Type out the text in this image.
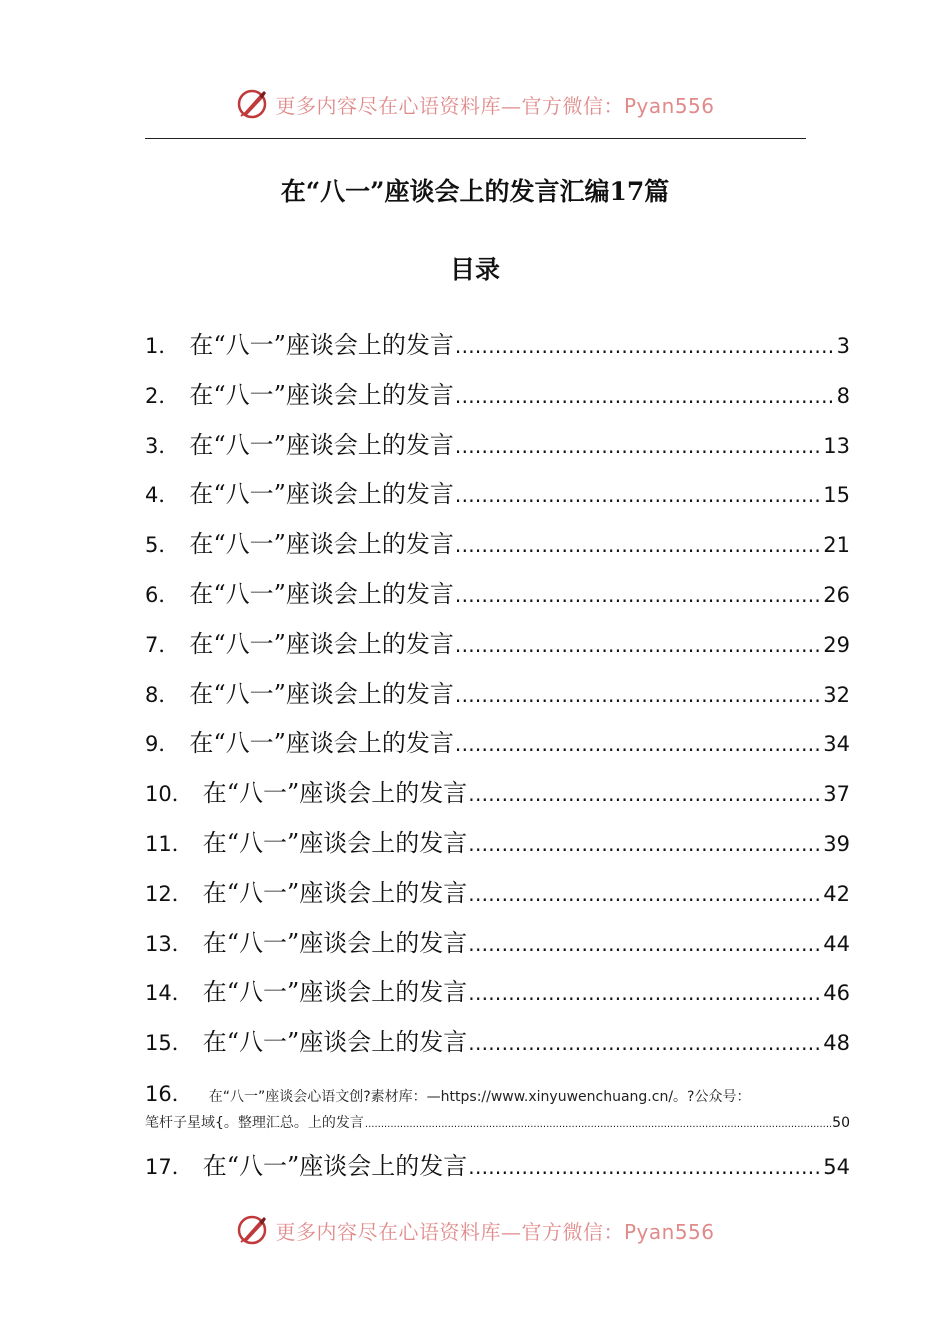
更多内容尽在心语资料库—官方微信：Pyan556
在“八一”座谈会上的发言汇编17篇
目录
1． 在“八一”座谈会上的发言 .....	3
2． 在“八一”座谈会上的发言 .....	8
3． 在“八一”座谈会上的发言 .....	13
4． 在“八一”座谈会上的发言 .....	15
5． 在“八一”座谈会上的发言 .....	21
6． 在“八一”座谈会上的发言 .....	26
7． 在“八一”座谈会上的发言 .....	29
8． 在“八一”座谈会上的发言 .....	32
9． 在“八一”座谈会上的发言 .....	34
10． 在“八一”座谈会上的发言 .....	37
11． 在“八一”座谈会上的发言 .....	39
12． 在“八一”座谈会上的发言 .....	42
13． 在“八一”座谈会上的发言 .....	44
14． 在“八一”座谈会上的发言 .....	46
15． 在“八一”座谈会上的发言 .....	48
16．	在“八一”座谈会心语文创?素材库：—https://www.xinyuwenchuang.cn/。?公众号：
笔杆子星域{。整理汇总。上的发言 .....	50
17． 在“八一”座谈会上的发言 .....	54
更多内容尽在心语资料库—官方微信：Pyan556
